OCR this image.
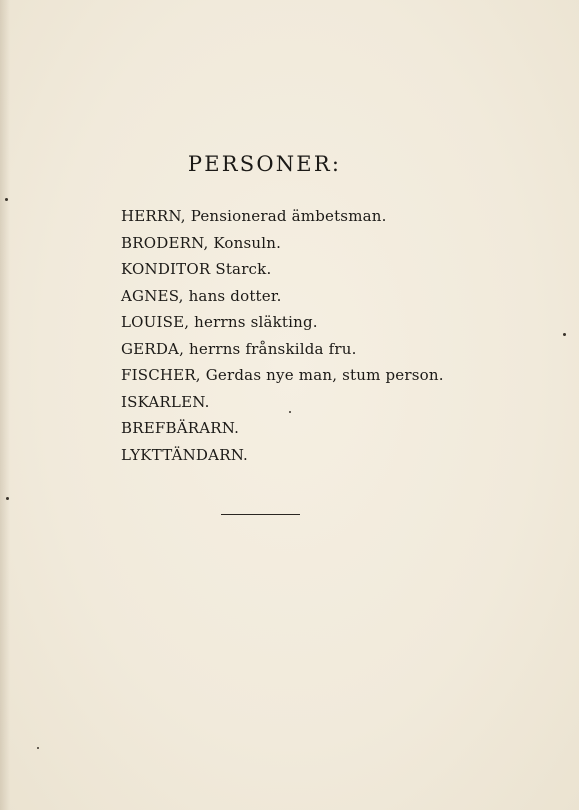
PERSONER:
HERRN, Pensionerad ämbetsman.
BRODERN, Konsuln.
KONDITOR Starck.
AGNES, hans dotter.
LOUISE, herrns släkting.
GERDA, herrns frånskilda fru.
FISCHER, Gerdas nye man, stum person.
ISKARLEN.
BREFBÄRARN.
LYKTTÄNDARN.
